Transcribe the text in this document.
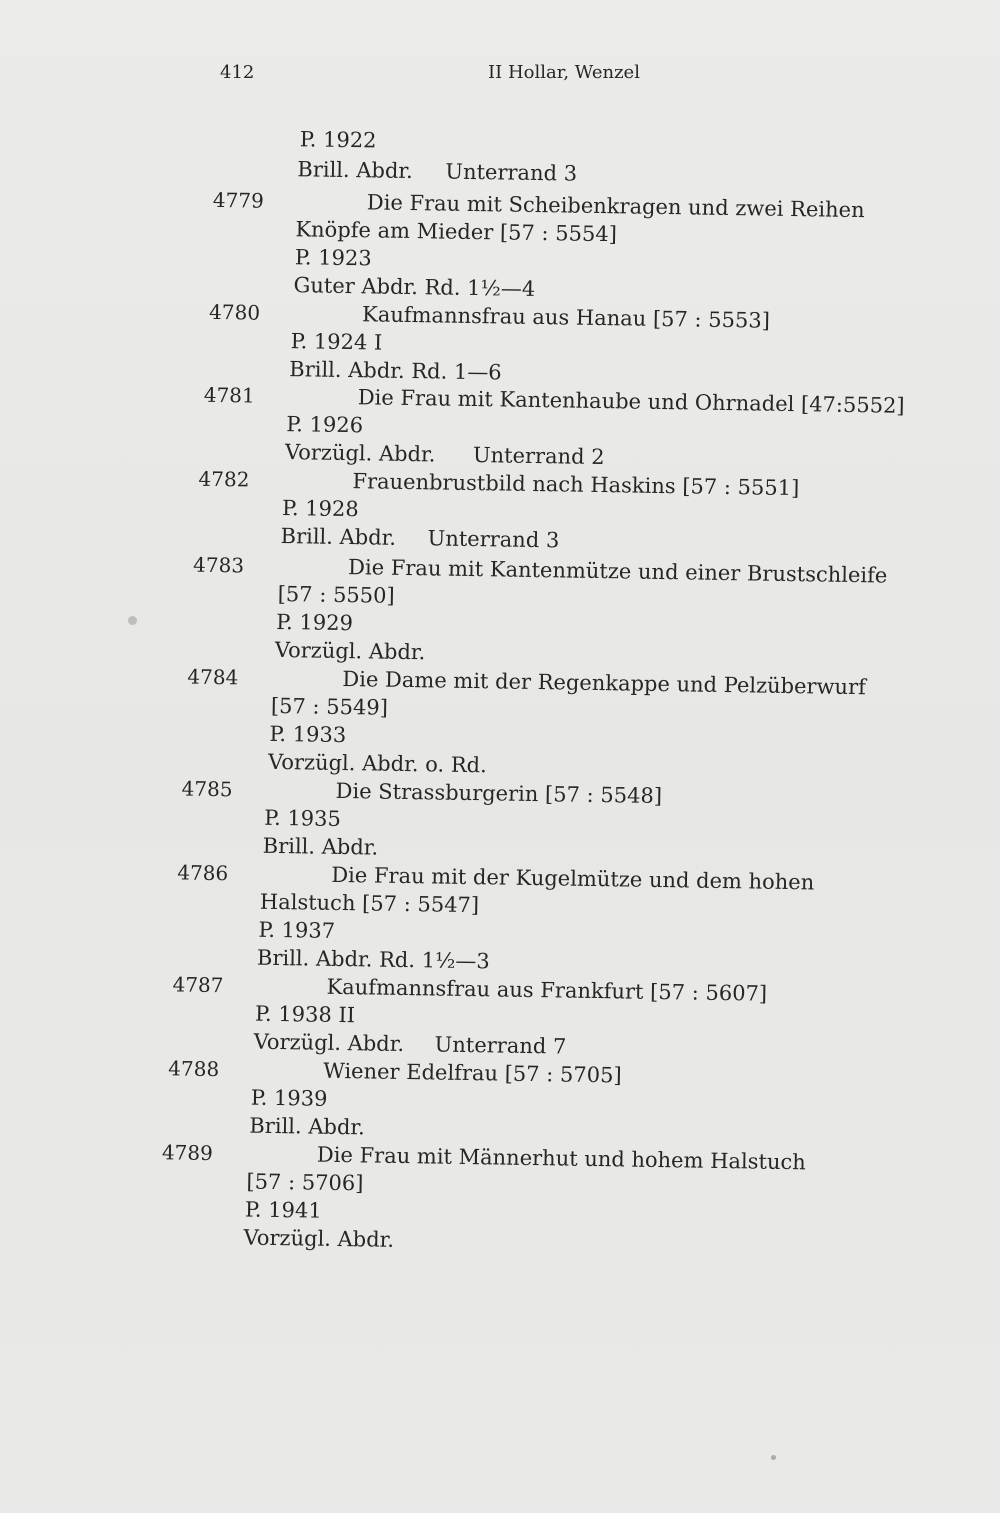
412	II Hollar, Wenzel
P. 1922
Brill. Abdr. Unterrand 3
4779	Die Frau mit Scheibenkragen und zwei Reihen
Knöpfe am Mieder [57 : 5554]
P. 1923
Guter Abdr. Rd. 1½—4
4780	Kaufmannsfrau aus Hanau [57 : 5553]
P. 1924 I
Brill. Abdr. Rd. 1—6
4781	Die Frau mit Kantenhaube und Ohrnadel [47:5552]
P. 1926
Vorzügl. Abdr. Unterrand 2
4782	Frauenbrustbild nach Haskins [57 : 5551]
P. 1928
Brill. Abdr. Unterrand 3
4783	Die Frau mit Kantenmütze und einer Brustschleife
[57 : 5550]
P. 1929
Vorzügl. Abdr.
4784	Die Dame mit der Regenkappe und Pelzüberwurf
[57 : 5549]
P. 1933
Vorzügl. Abdr. o. Rd.
4785	Die Strassburgerin [57 : 5548]
P. 1935
Brill. Abdr.
4786	Die Frau mit der Kugelmütze und dem hohen
Halstuch [57 : 5547]
P. 1937
Brill. Abdr. Rd. 1½—3
4787	Kaufmannsfrau aus Frankfurt [57 : 5607]
P. 1938 II
Vorzügl. Abdr. Unterrand 7
4788	Wiener Edelfrau [57 : 5705]
P. 1939
Brill. Abdr.
4789	Die Frau mit Männerhut und hohem Halstuch
[57 : 5706]
P. 1941
Vorzügl. Abdr.
